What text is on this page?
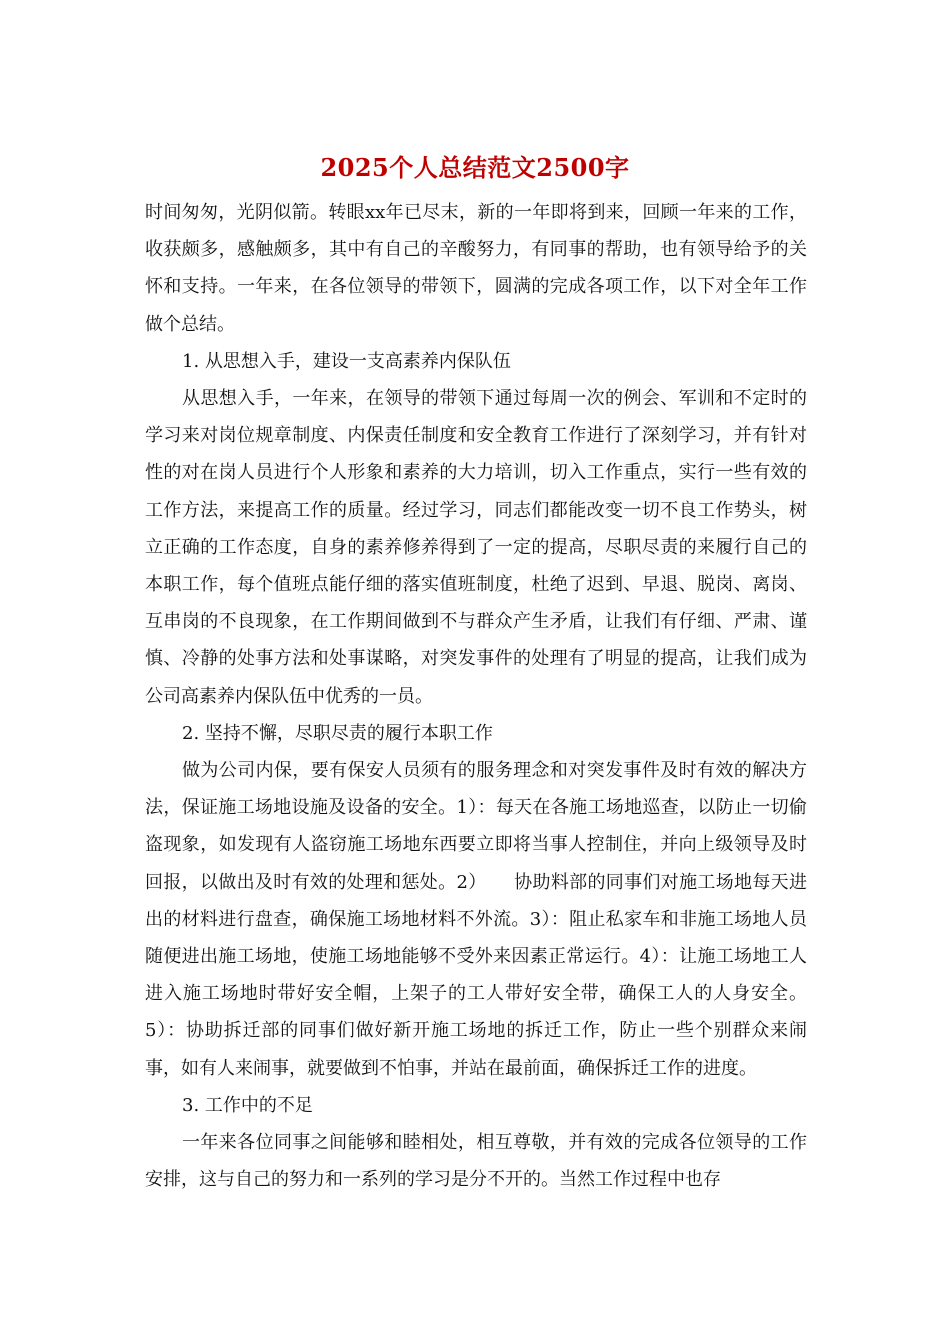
2025个人总结范文2500字

时间匆匆，光阴似箭。转眼xx年已尽末，新的一年即将到来，回顾一年来的工作，收获颇多，感触颇多，其中有自己的辛酸努力，有同事的帮助，也有领导给予的关怀和支持。一年来，在各位领导的带领下，圆满的完成各项工作，以下对全年工作做个总结。

1. 从思想入手，建设一支高素养内保队伍

从思想入手，一年来，在领导的带领下通过每周一次的例会、军训和不定时的学习来对岗位规章制度、内保责任制度和安全教育工作进行了深刻学习，并有针对性的对在岗人员进行个人形象和素养的大力培训，切入工作重点，实行一些有效的工作方法，来提高工作的质量。经过学习，同志们都能改变一切不良工作势头，树立正确的工作态度，自身的素养修养得到了一定的提高，尽职尽责的来履行自己的本职工作，每个值班点能仔细的落实值班制度，杜绝了迟到、早退、脱岗、离岗、互串岗的不良现象，在工作期间做到不与群众产生矛盾，让我们有仔细、严肃、谨慎、冷静的处事方法和处事谋略，对突发事件的处理有了明显的提高，让我们成为公司高素养内保队伍中优秀的一员。

2. 坚持不懈，尽职尽责的履行本职工作

做为公司内保，要有保安人员须有的服务理念和对突发事件及时有效的解决方法，保证施工场地设施及设备的安全。1）：每天在各施工场地巡查，以防止一切偷盗现象，如发现有人盗窃施工场地东西要立即将当事人控制住，并向上级领导及时回报，以做出及时有效的处理和惩处。2）　　协助料部的同事们对施工场地每天进出的材料进行盘查，确保施工场地材料不外流。3）：阻止私家车和非施工场地人员随便进出施工场地，使施工场地能够不受外来因素正常运行。4）：让施工场地工人进入施工场地时带好安全帽，上架子的工人带好安全带，确保工人的人身安全。5）：协助拆迁部的同事们做好新开施工场地的拆迁工作，防止一些个别群众来闹事，如有人来闹事，就要做到不怕事，并站在最前面，确保拆迁工作的进度。

3. 工作中的不足

一年来各位同事之间能够和睦相处，相互尊敬，并有效的完成各位领导的工作安排，这与自己的努力和一系列的学习是分不开的。当然工作过程中也存
